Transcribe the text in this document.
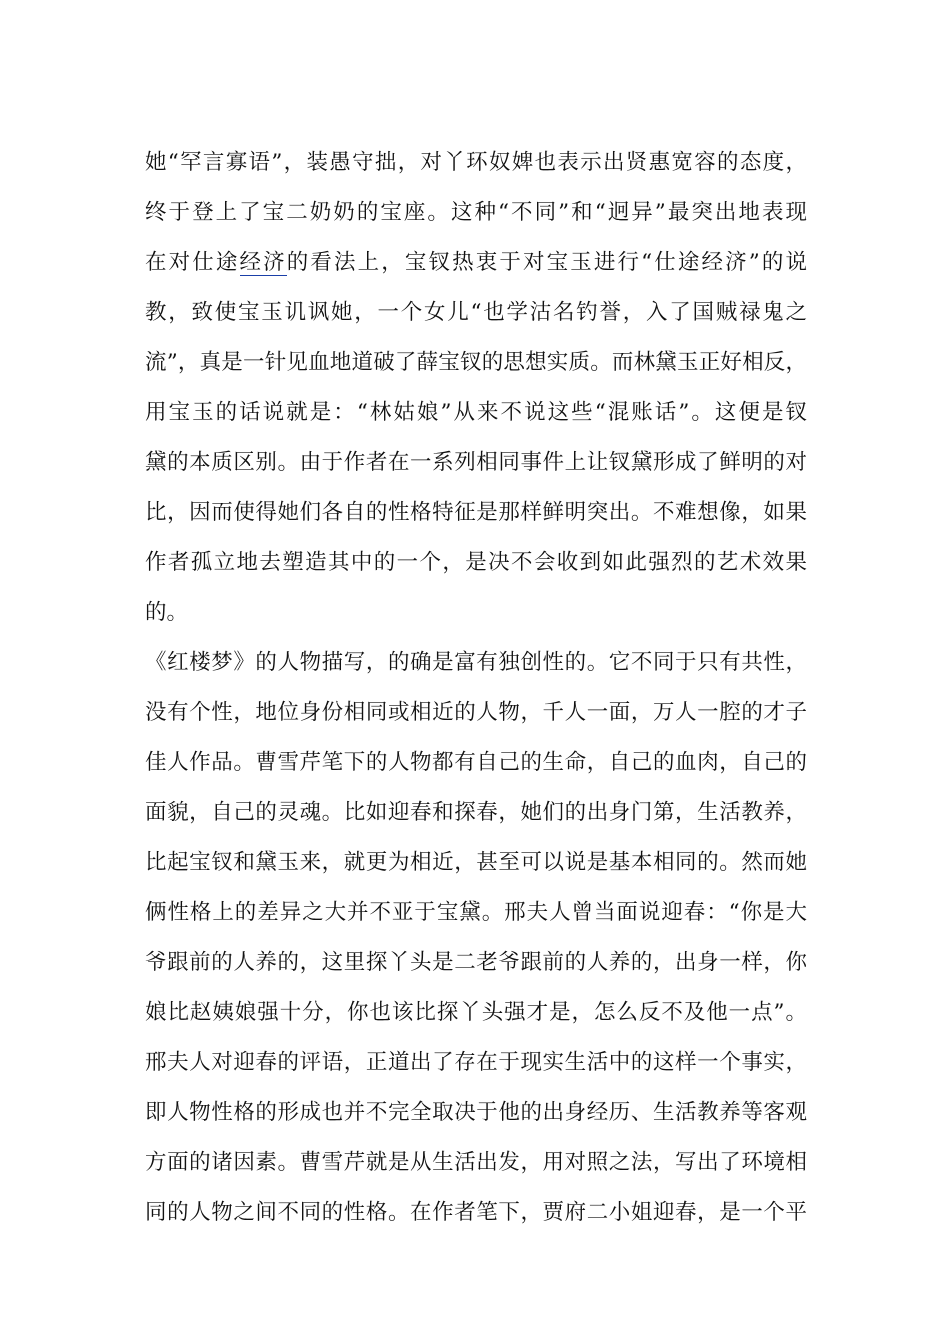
她“罕言寡语”，装愚守拙，对丫环奴婢也表示出贤惠宽容的态度，
终于登上了宝二奶奶的宝座。这种“不同”和“迥异”最突出地表现
在对仕途经济的看法上，宝钗热衷于对宝玉进行“仕途经济”的说
教，致使宝玉讥讽她，一个女儿“也学沽名钓誉，入了国贼禄鬼之
流”，真是一针见血地道破了薛宝钗的思想实质。而林黛玉正好相反，
用宝玉的话说就是：“林姑娘”从来不说这些“混账话”。这便是钗
黛的本质区别。由于作者在一系列相同事件上让钗黛形成了鲜明的对
比，因而使得她们各自的性格特征是那样鲜明突出。不难想像，如果
作者孤立地去塑造其中的一个，是决不会收到如此强烈的艺术效果
的。
《红楼梦》的人物描写，的确是富有独创性的。它不同于只有共性，
没有个性，地位身份相同或相近的人物，千人一面，万人一腔的才子
佳人作品。曹雪芹笔下的人物都有自己的生命，自己的血肉，自己的
面貌，自己的灵魂。比如迎春和探春，她们的出身门第，生活教养，
比起宝钗和黛玉来，就更为相近，甚至可以说是基本相同的。然而她
俩性格上的差异之大并不亚于宝黛。邢夫人曾当面说迎春：“你是大
爷跟前的人养的，这里探丫头是二老爷跟前的人养的，出身一样，你
娘比赵姨娘强十分，你也该比探丫头强才是，怎么反不及他一点”。
邢夫人对迎春的评语，正道出了存在于现实生活中的这样一个事实，
即人物性格的形成也并不完全取决于他的出身经历、生活教养等客观
方面的诸因素。曹雪芹就是从生活出发，用对照之法，写出了环境相
同的人物之间不同的性格。在作者笔下，贾府二小姐迎春，是一个平
